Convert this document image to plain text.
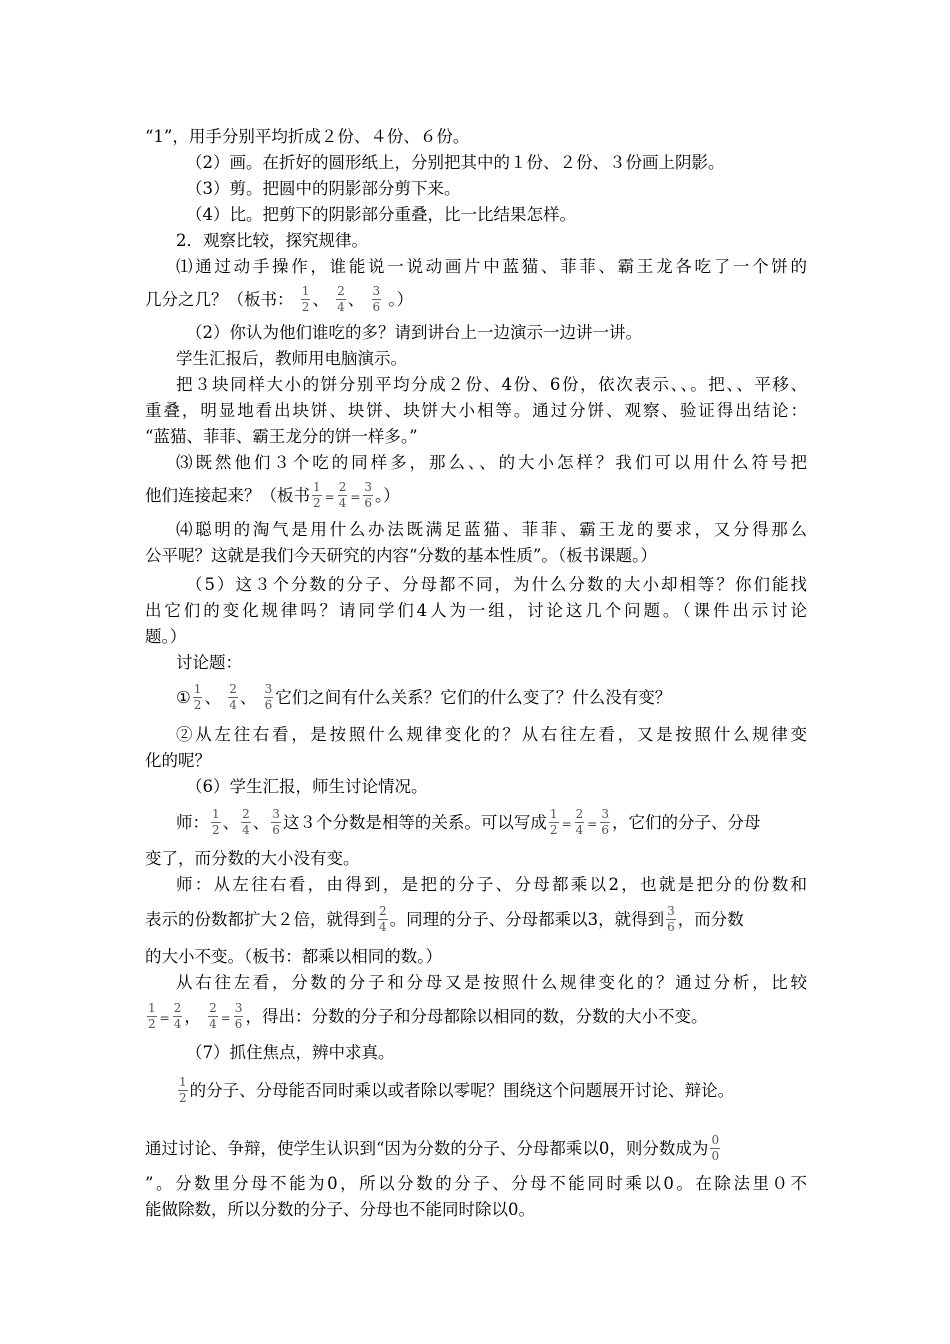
“1”，用手分别平均折成２份、４份、６份。
（2）画。在折好的圆形纸上，分别把其中的１份、２份、３份画上阴影。
（3）剪。把圆中的阴影部分剪下来。
（4）比。把剪下的阴影部分重叠，比一比结果怎样。
2．观察比较，探究规律。
⑴通过动手操作，谁能说一说动画片中蓝猫、菲菲、霸王龙各吃了一个饼的
几分之几？（板书： $\frac{1}{2}$ 、 $\frac{2}{4}$ 、 $\frac{3}{6}$ 。）
（2）你认为他们谁吃的多？请到讲台上一边演示一边讲一讲。
学生汇报后，教师用电脑演示。
把３块同样大小的饼分别平均分成２份、4份、6份，依次表示、、。把、、平移、
重叠，明显地看出块饼、块饼、块饼大小相等。通过分饼、观察、验证得出结论：
“蓝猫、菲菲、霸王龙分的饼一样多。”
⑶既然他们３个吃的同样多，那么、、的大小怎样？我们可以用什么符号把
他们连接起来？（板书 $\frac{1}{2} = \frac{2}{4} = \frac{3}{6}$ 。）
⑷聪明的淘气是用什么办法既满足蓝猫、菲菲、霸王龙的要求，又分得那么
公平呢？这就是我们今天研究的内容“分数的基本性质”。（板书课题。）
（5）这３个分数的分子、分母都不同，为什么分数的大小却相等？你们能找
出它们的变化规律吗？请同学们4人为一组，讨论这几个问题。（课件出示讨论
题。）
讨论题：
① $\frac{1}{2}$ 、 $\frac{2}{4}$ 、 $\frac{3}{6}$ 它们之间有什么关系？它们的什么变了？什么没有变？
②从左往右看，是按照什么规律变化的？从右往左看，又是按照什么规律变
化的呢？
（6）学生汇报，师生讨论情况。
师： $\frac{1}{2}$ 、 $\frac{2}{4}$ 、 $\frac{3}{6}$ 这３个分数是相等的关系。可以写成 $\frac{1}{2} = \frac{2}{4} = \frac{3}{6}$ ，它们的分子、分母
变了，而分数的大小没有变。
师：从左往右看，由得到，是把的分子、分母都乘以2，也就是把分的份数和
表示的份数都扩大２倍，就得到 $\frac{2}{4}$ 。同理的分子、分母都乘以3，就得到 $\frac{3}{6}$ ，而分数
的大小不变。（板书：都乘以相同的数。）
从右往左看，分数的分子和分母又是按照什么规律变化的？通过分析，比较
$\frac{1}{2} = \frac{2}{4}$ ， $\frac{2}{4} = \frac{3}{6}$ ，得出：分数的分子和分母都除以相同的数，分数的大小不变。
（7）抓住焦点，辨中求真。
$\frac{1}{2}$ 的分子、分母能否同时乘以或者除以零呢？围绕这个问题展开讨论、辩论。
通过讨论、争辩，使学生认识到“因为分数的分子、分母都乘以0，则分数成为 $\frac{0}{0}$
”。分数里分母不能为0，所以分数的分子、分母不能同时乘以0。在除法里０不
能做除数，所以分数的分子、分母也不能同时除以0。
